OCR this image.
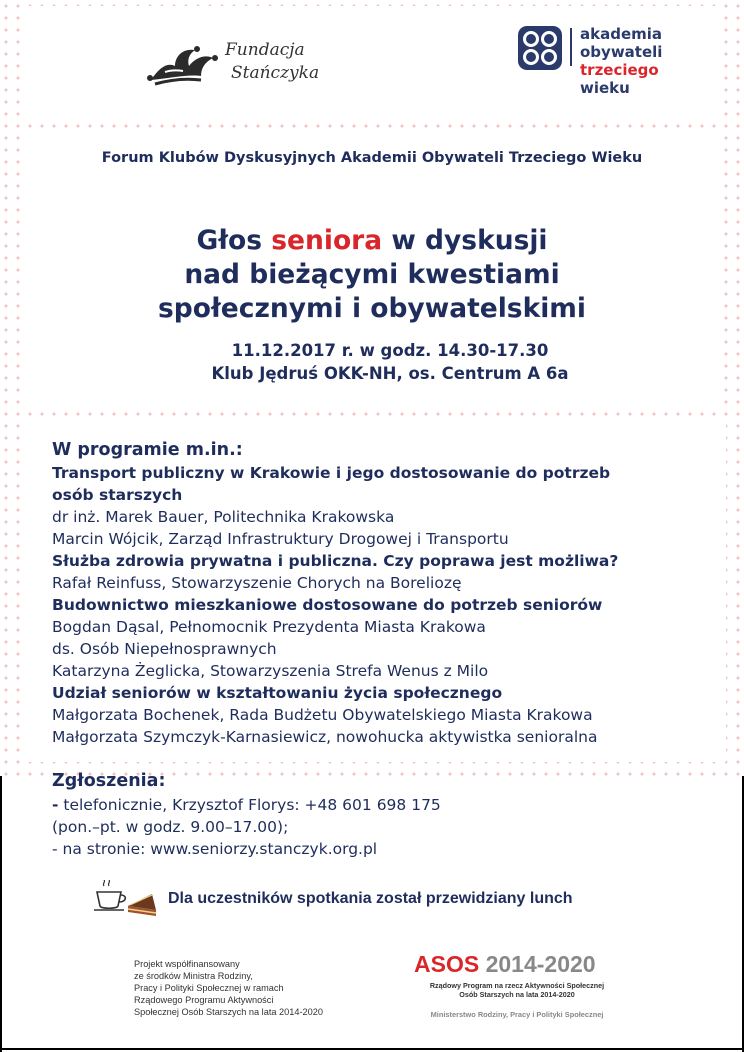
Fundacja
Stańczyka
akademia
obywateli
trzeciego
wieku
Forum Klubów Dyskusyjnych Akademii Obywateli Trzeciego Wieku
Głos seniora w dyskusji
nad bieżącymi kwestiami
społecznymi i obywatelskimi
11.12.2017 r. w godz. 14.30-17.30
Klub Jędruś OKK-NH, os. Centrum A 6a
W programie m.in.:
Transport publiczny w Krakowie i jego dostosowanie do potrzeb
osób starszych
dr inż. Marek Bauer, Politechnika Krakowska
Marcin Wójcik, Zarząd Infrastruktury Drogowej i Transportu
Służba zdrowia prywatna i publiczna. Czy poprawa jest możliwa?
Rafał Reinfuss, Stowarzyszenie Chorych na Boreliozę
Budownictwo mieszkaniowe dostosowane do potrzeb seniorów
Bogdan Dąsal, Pełnomocnik Prezydenta Miasta Krakowa
ds. Osób Niepełnosprawnych
Katarzyna Żeglicka, Stowarzyszenia Strefa Wenus z Milo
Udział seniorów w kształtowaniu życia społecznego
Małgorzata Bochenek, Rada Budżetu Obywatelskiego Miasta Krakowa
Małgorzata Szymczyk-Karnasiewicz, nowohucka aktywistka senioralna
Zgłoszenia:
- telefonicznie, Krzysztof Florys: +48 601 698 175
(pon.–pt. w godz. 9.00–17.00);
- na stronie: www.seniorzy.stanczyk.org.pl
Dla uczestników spotkania został przewidziany lunch
Projekt współfinansowany
ze środków Ministra Rodziny,
Pracy i Polityki Społecznej w ramach
Rządowego Programu Aktywności
Społecznej Osób Starszych na lata 2014-2020
ASOS 2014-2020
Rządowy Program na rzecz Aktywności Społecznej
Osób Starszych na lata 2014-2020
Ministerstwo Rodziny, Pracy i Polityki Społecznej
